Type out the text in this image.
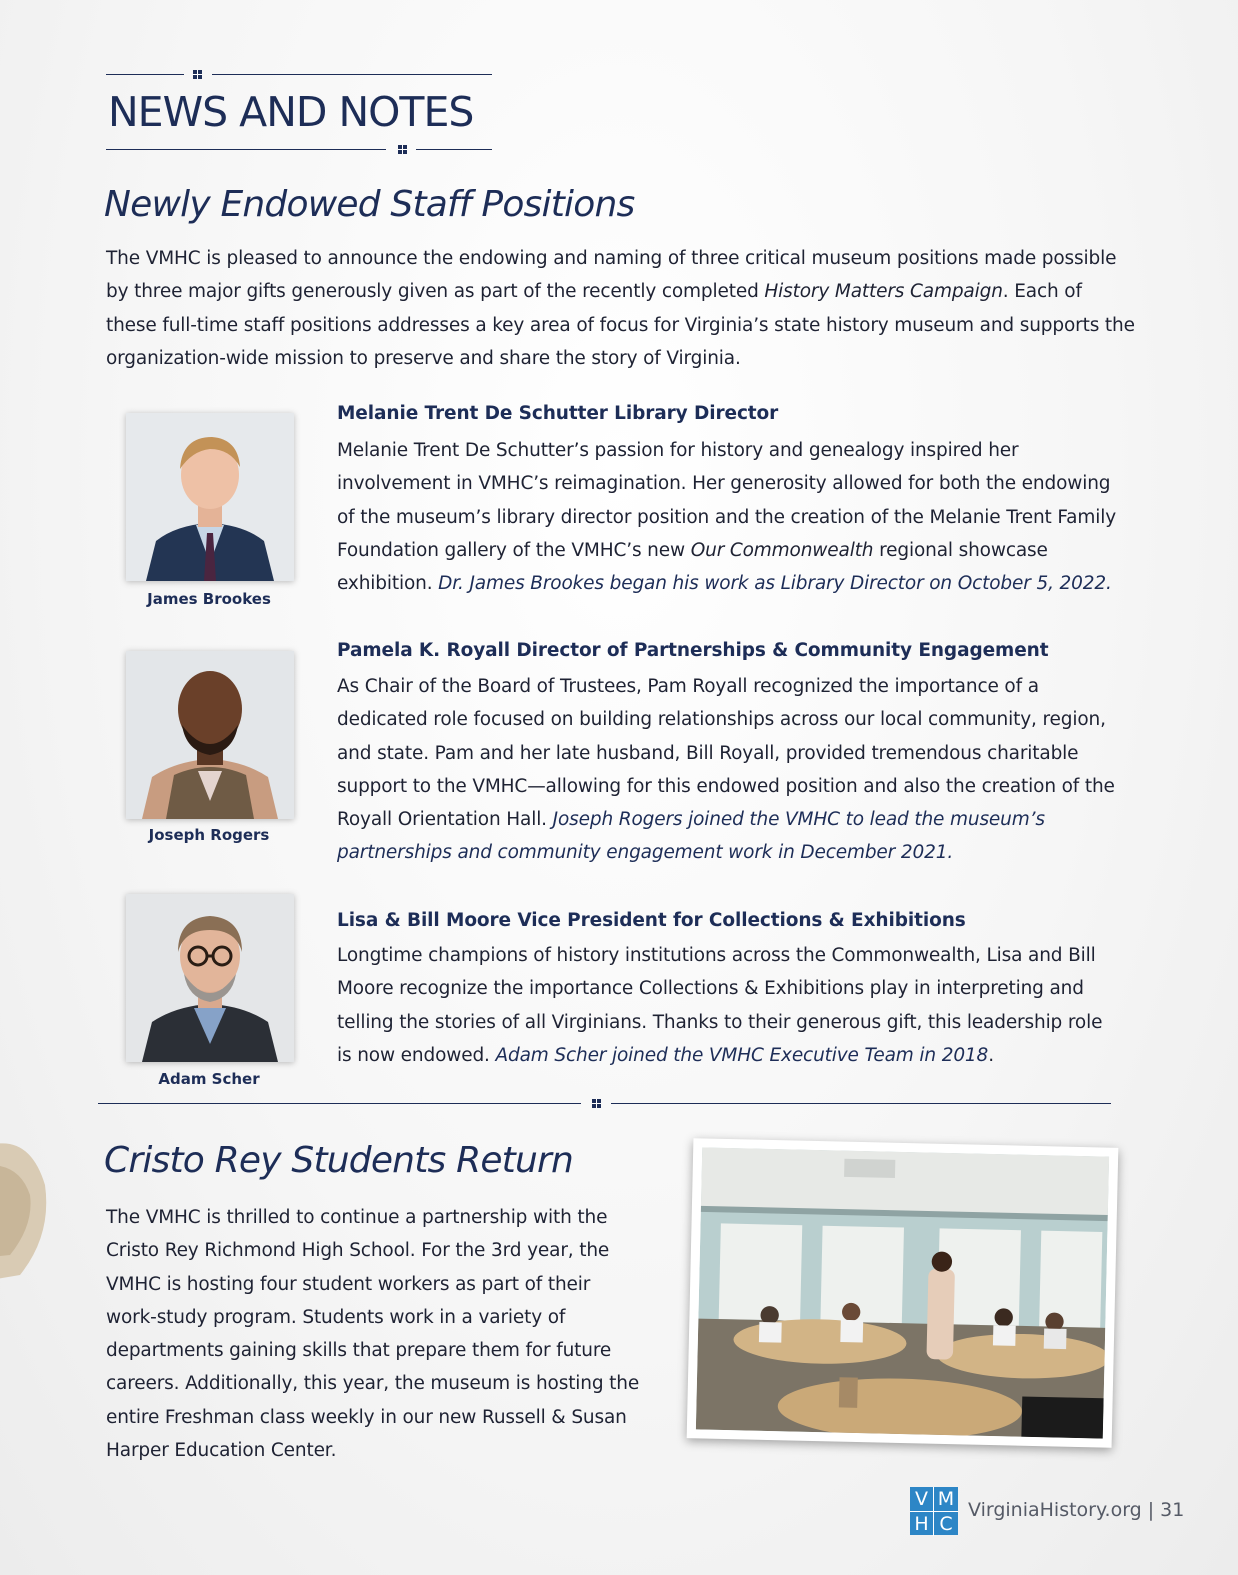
NEWS AND NOTES
Newly Endowed Staff Positions

The VMHC is pleased to announce the endowing and naming of three critical museum positions made possible by three major gifts generously given as part of the recently completed History Matters Campaign. Each of these full-time staff positions addresses a key area of focus for Virginia’s state history museum and supports the organization-wide mission to preserve and share the story of Virginia.

James Brookes

Melanie Trent De Schutter Library Director

Melanie Trent De Schutter’s passion for history and genealogy inspired her involvement in VMHC’s reimagination. Her generosity allowed for both the endowing of the museum’s library director position and the creation of the Melanie Trent Family Foundation gallery of the VMHC’s new Our Commonwealth regional showcase exhibition. Dr. James Brookes began his work as Library Director on October 5, 2022.

Joseph Rogers

Pamela K. Royall Director of Partnerships & Community Engagement

As Chair of the Board of Trustees, Pam Royall recognized the importance of a dedicated role focused on building relationships across our local community, region, and state. Pam and her late husband, Bill Royall, provided tremendous charitable support to the VMHC—allowing for this endowed position and also the creation of the Royall Orientation Hall. Joseph Rogers joined the VMHC to lead the museum’s partnerships and community engagement work in December 2021.

Adam Scher

Lisa & Bill Moore Vice President for Collections & Exhibitions

Longtime champions of history institutions across the Commonwealth, Lisa and Bill Moore recognize the importance Collections & Exhibitions play in interpreting and telling the stories of all Virginians. Thanks to their generous gift, this leadership role is now endowed. Adam Scher joined the VMHC Executive Team in 2018.

Cristo Rey Students Return

The VMHC is thrilled to continue a partnership with the Cristo Rey Richmond High School. For the 3rd year, the VMHC is hosting four student workers as part of their work-study program. Students work in a variety of departments gaining skills that prepare them for future careers. Additionally, this year, the museum is hosting the entire Freshman class weekly in our new Russell & Susan Harper Education Center.

V M
H C
VirginiaHistory.org | 31
